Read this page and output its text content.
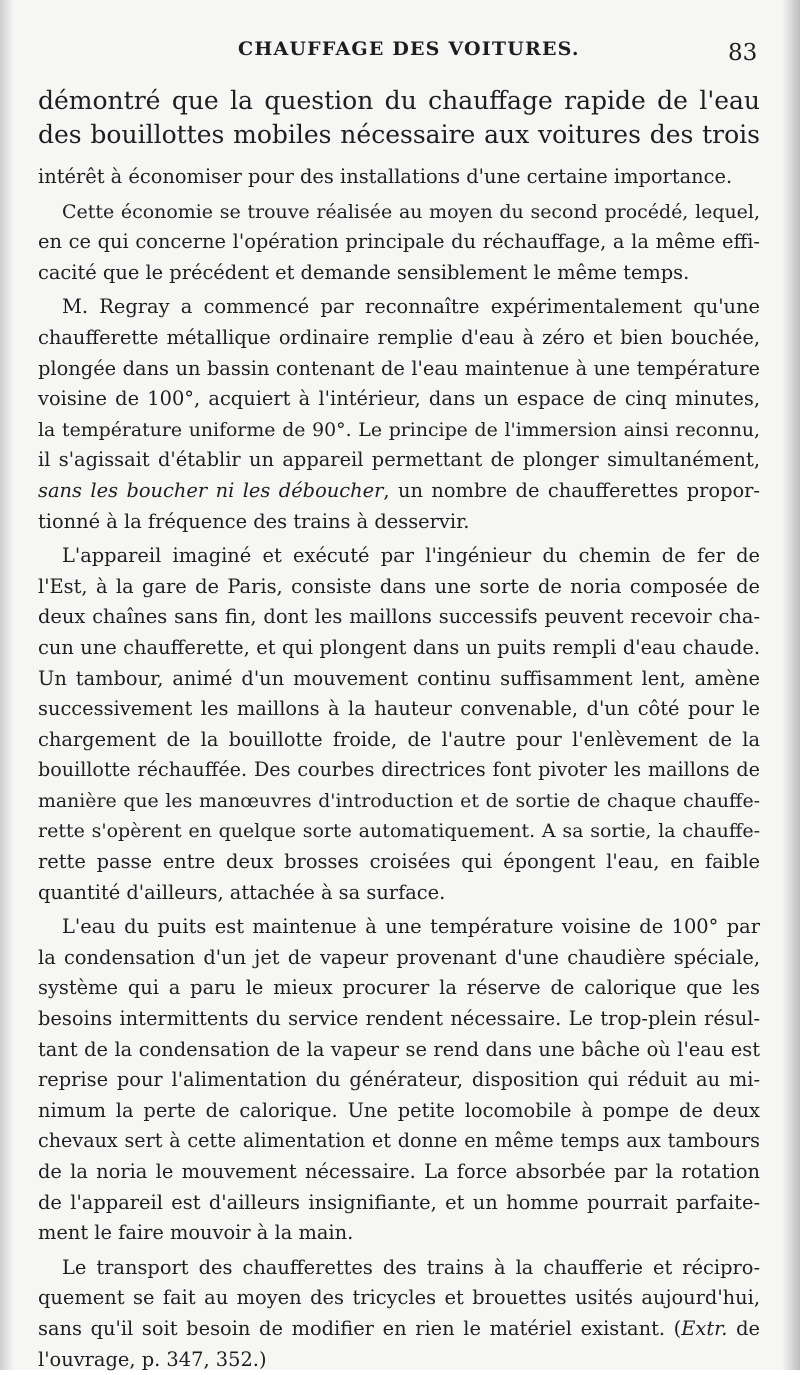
CHAUFFAGE DES VOITURES.	83
démontré que la question du chauffage rapide de l'eau
des bouillottes mobiles nécessaire aux voitures des trois
intérêt à économiser pour des installations d'une certaine importance.
Cette économie se trouve réalisée au moyen du second procédé, lequel,
en ce qui concerne l'opération principale du réchauffage, a la même effi-
cacité que le précédent et demande sensiblement le même temps.
M. Regray a commencé par reconnaître expérimentalement qu'une
chaufferette métallique ordinaire remplie d'eau à zéro et bien bouchée,
plongée dans un bassin contenant de l'eau maintenue à une température
voisine de 100°, acquiert à l'intérieur, dans un espace de cinq minutes,
la température uniforme de 90°. Le principe de l'immersion ainsi reconnu,
il s'agissait d'établir un appareil permettant de plonger simultanément,
sans les boucher ni les déboucher, un nombre de chaufferettes propor-
tionné à la fréquence des trains à desservir.
L'appareil imaginé et exécuté par l'ingénieur du chemin de fer de
l'Est, à la gare de Paris, consiste dans une sorte de noria composée de
deux chaînes sans fin, dont les maillons successifs peuvent recevoir cha-
cun une chaufferette, et qui plongent dans un puits rempli d'eau chaude.
Un tambour, animé d'un mouvement continu suffisamment lent, amène
successivement les maillons à la hauteur convenable, d'un côté pour le
chargement de la bouillotte froide, de l'autre pour l'enlèvement de la
bouillotte réchauffée. Des courbes directrices font pivoter les maillons de
manière que les manœuvres d'introduction et de sortie de chaque chauffe-
rette s'opèrent en quelque sorte automatiquement. A sa sortie, la chauffe-
rette passe entre deux brosses croisées qui épongent l'eau, en faible
quantité d'ailleurs, attachée à sa surface.
L'eau du puits est maintenue à une température voisine de 100° par
la condensation d'un jet de vapeur provenant d'une chaudière spéciale,
système qui a paru le mieux procurer la réserve de calorique que les
besoins intermittents du service rendent nécessaire. Le trop-plein résul-
tant de la condensation de la vapeur se rend dans une bâche où l'eau est
reprise pour l'alimentation du générateur, disposition qui réduit au mi-
nimum la perte de calorique. Une petite locomobile à pompe de deux
chevaux sert à cette alimentation et donne en même temps aux tambours
de la noria le mouvement nécessaire. La force absorbée par la rotation
de l'appareil est d'ailleurs insignifiante, et un homme pourrait parfaite-
ment le faire mouvoir à la main.
Le transport des chaufferettes des trains à la chaufferie et récipro-
quement se fait au moyen des tricycles et brouettes usités aujourd'hui,
sans qu'il soit besoin de modifier en rien le matériel existant. (Extr. de
l'ouvrage, p. 347, 352.)
